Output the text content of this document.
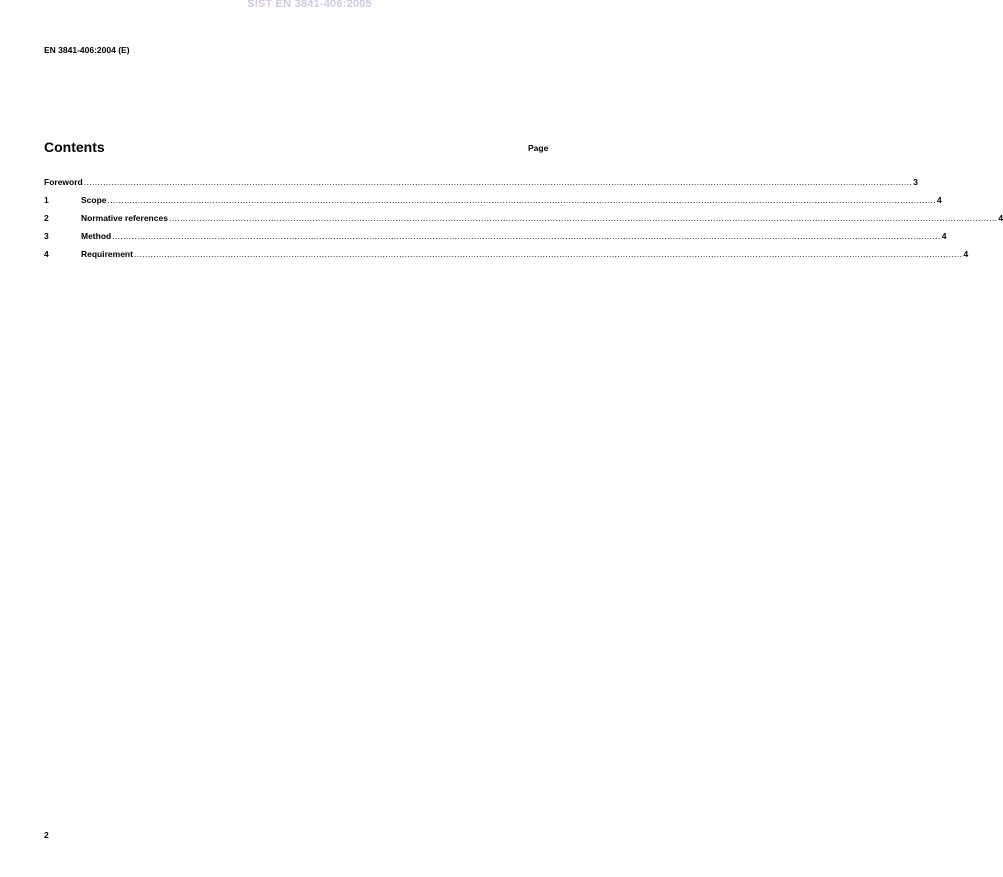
SIST EN 3841-406:2005
EN 3841-406:2004 (E)
Contents	Page
Foreword ............................................................................................................................................................................................................................................................................................................ 3
1	Scope ............................................................................................................................................................................................................................................................................................................ 4
2	Normative references ............................................................................................................................................................................................................................................................................................................ 4
3	Method ............................................................................................................................................................................................................................................................................................................ 4
4	Requirement ............................................................................................................................................................................................................................................................................................................ 4
2
